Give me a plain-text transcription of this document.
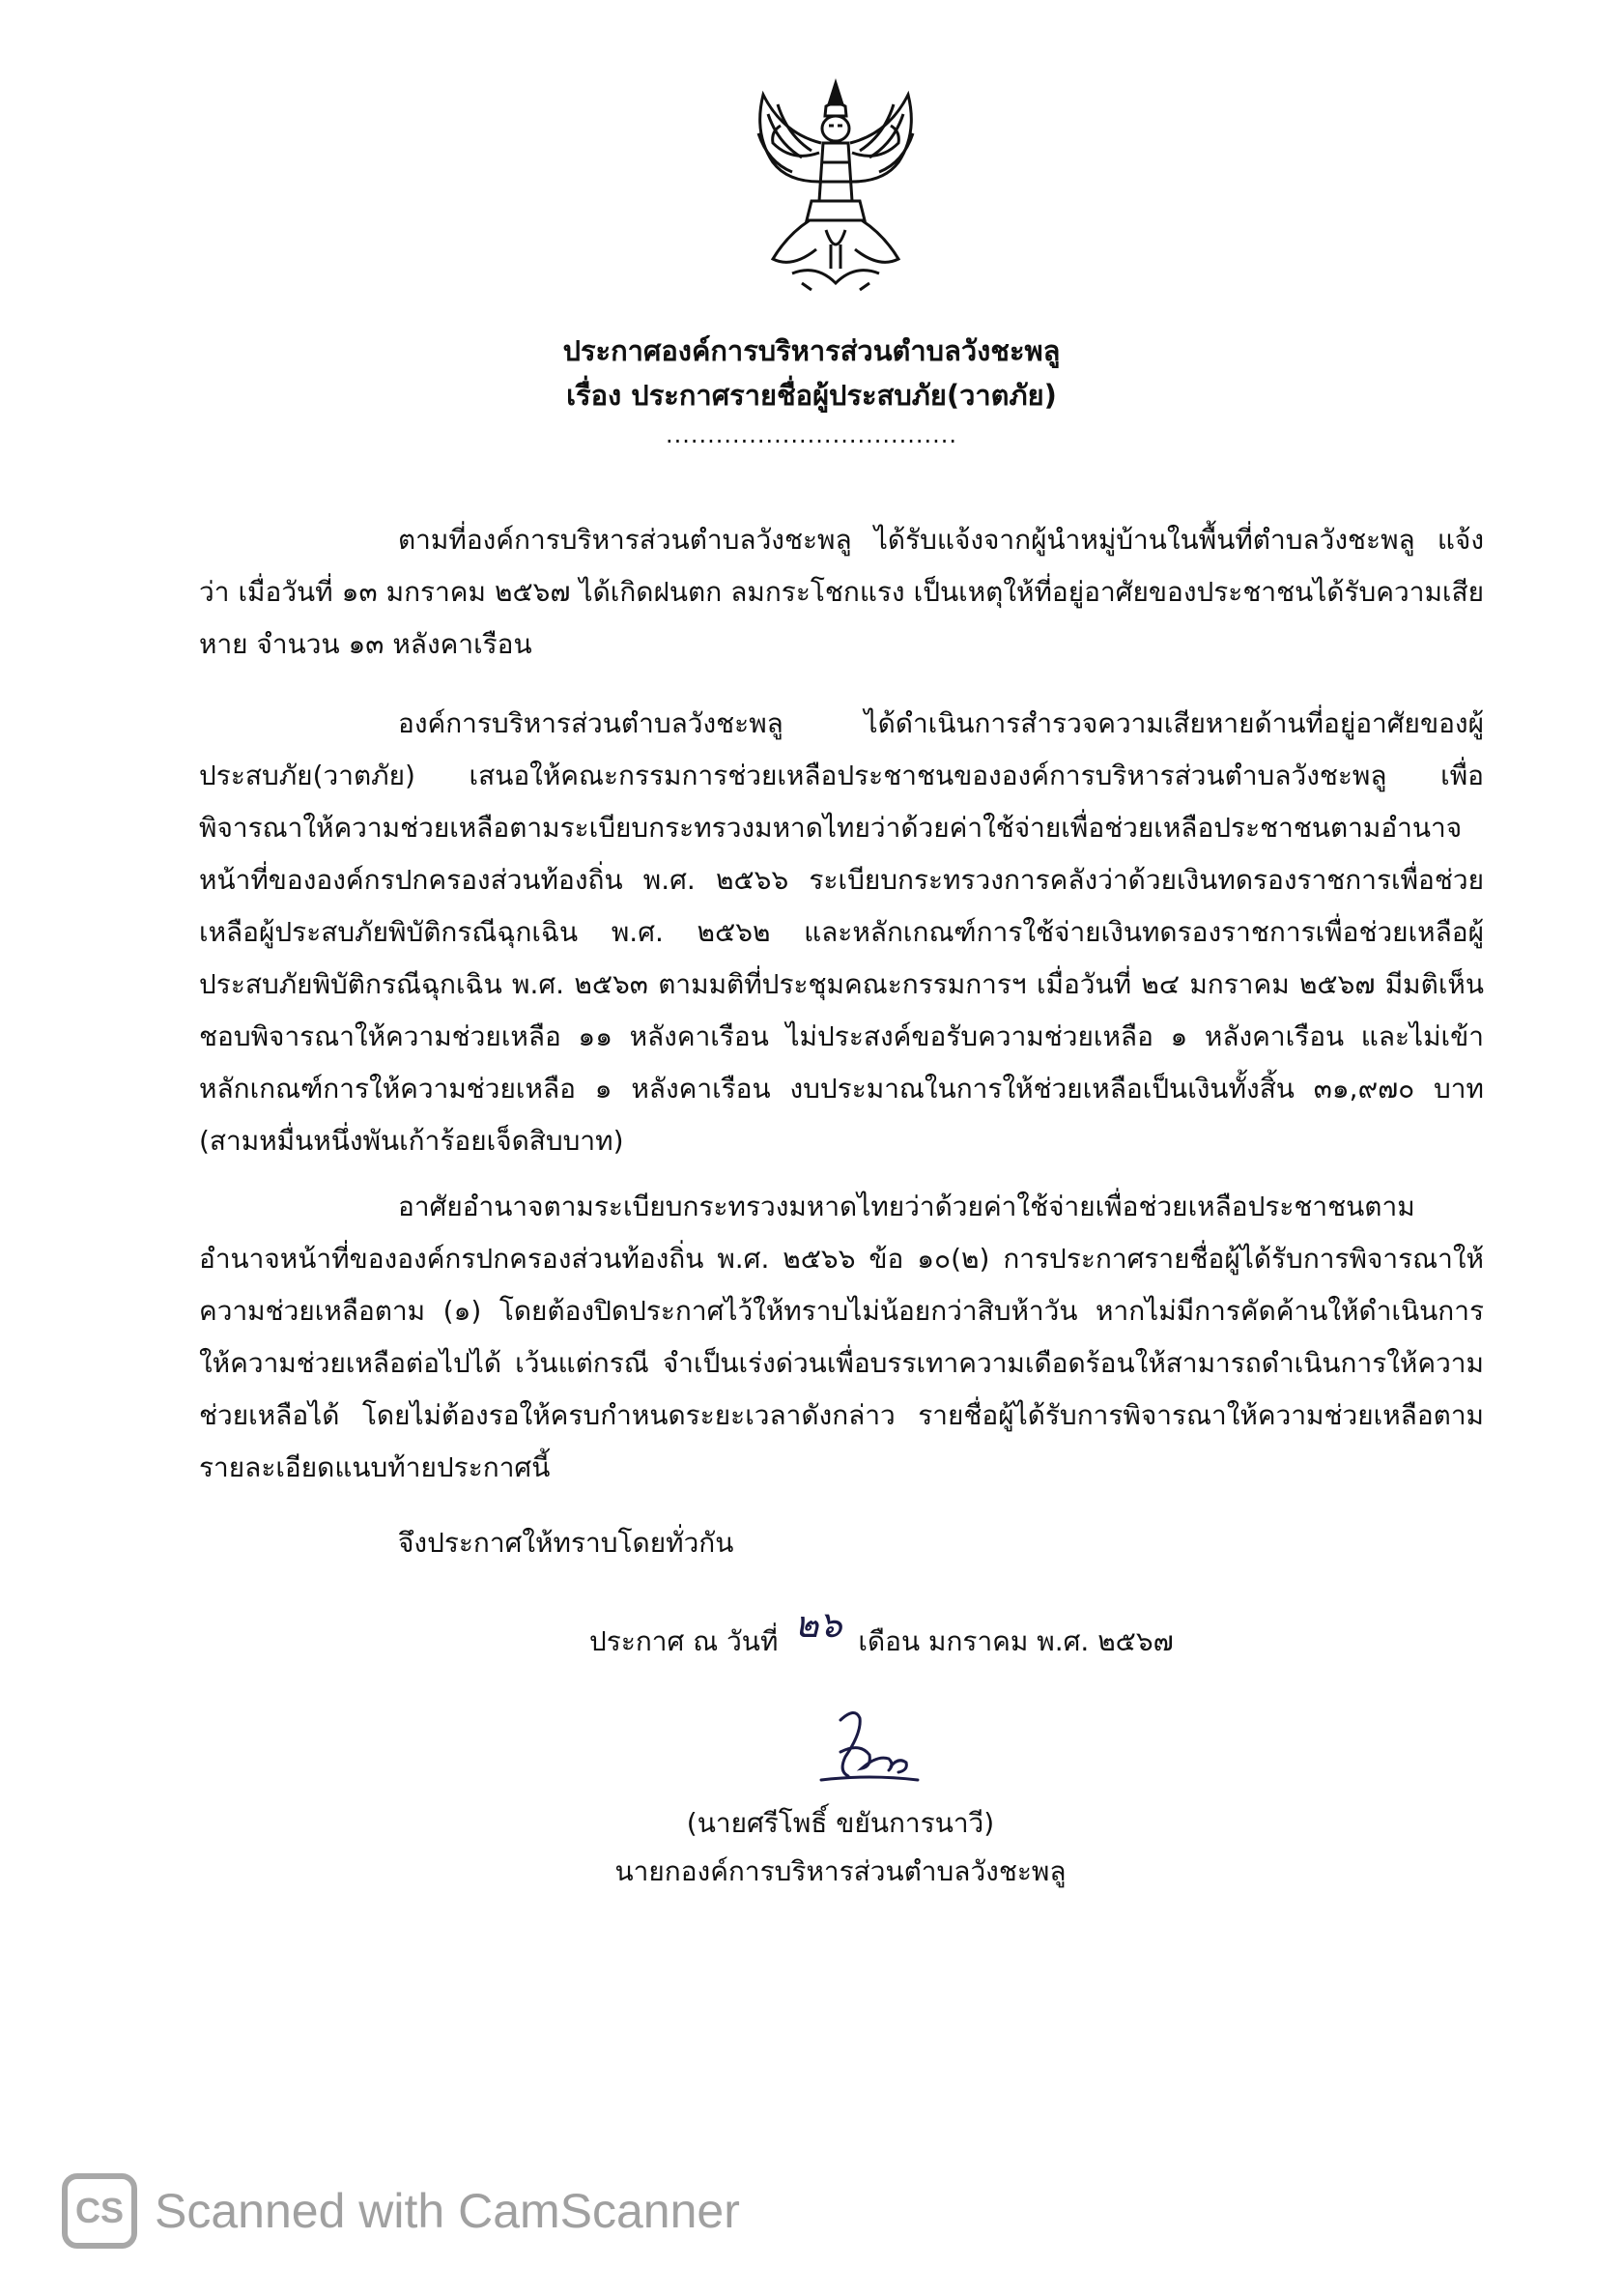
ประกาศองค์การบริหารส่วนตำบลวังชะพลู
เรื่อง ประกาศรายชื่อผู้ประสบภัย(วาตภัย)
...................................

ตามที่องค์การบริหารส่วนตำบลวังชะพลู ได้รับแจ้งจากผู้นำหมู่บ้านในพื้นที่ตำบลวังชะพลู แจ้งว่า เมื่อวันที่ ๑๓ มกราคม ๒๕๖๗ ได้เกิดฝนตก ลมกระโชกแรง เป็นเหตุให้ที่อยู่อาศัยของประชาชนได้รับความเสียหาย จำนวน ๑๓ หลังคาเรือน

องค์การบริหารส่วนตำบลวังชะพลู ได้ดำเนินการสำรวจความเสียหายด้านที่อยู่อาศัยของผู้ประสบภัย(วาตภัย) เสนอให้คณะกรรมการช่วยเหลือประชาชนขององค์การบริหารส่วนตำบลวังชะพลู เพื่อพิจารณาให้ความช่วยเหลือตามระเบียบกระทรวงมหาดไทยว่าด้วยค่าใช้จ่ายเพื่อช่วยเหลือประชาชนตามอำนาจหน้าที่ขององค์กรปกครองส่วนท้องถิ่น พ.ศ. ๒๕๖๖ ระเบียบกระทรวงการคลังว่าด้วยเงินทดรองราชการเพื่อช่วยเหลือผู้ประสบภัยพิบัติกรณีฉุกเฉิน พ.ศ. ๒๕๖๒ และหลักเกณฑ์การใช้จ่ายเงินทดรองราชการเพื่อช่วยเหลือผู้ประสบภัยพิบัติกรณีฉุกเฉิน พ.ศ. ๒๕๖๓ ตามมติที่ประชุมคณะกรรมการฯ เมื่อวันที่ ๒๔ มกราคม ๒๕๖๗ มีมติเห็นชอบพิจารณาให้ความช่วยเหลือ ๑๑ หลังคาเรือน ไม่ประสงค์ขอรับความช่วยเหลือ ๑ หลังคาเรือน และไม่เข้าหลักเกณฑ์การให้ความช่วยเหลือ ๑ หลังคาเรือน งบประมาณในการให้ช่วยเหลือเป็นเงินทั้งสิ้น ๓๑,๙๗๐ บาท (สามหมื่นหนึ่งพันเก้าร้อยเจ็ดสิบบาท)

อาศัยอำนาจตามระเบียบกระทรวงมหาดไทยว่าด้วยค่าใช้จ่ายเพื่อช่วยเหลือประชาชนตามอำนาจหน้าที่ขององค์กรปกครองส่วนท้องถิ่น พ.ศ. ๒๕๖๖ ข้อ ๑๐(๒) การประกาศรายชื่อผู้ได้รับการพิจารณาให้ความช่วยเหลือตาม (๑) โดยต้องปิดประกาศไว้ให้ทราบไม่น้อยกว่าสิบห้าวัน หากไม่มีการคัดค้านให้ดำเนินการให้ความช่วยเหลือต่อไปได้ เว้นแต่กรณี จำเป็นเร่งด่วนเพื่อบรรเทาความเดือดร้อนให้สามารถดำเนินการให้ความช่วยเหลือได้ โดยไม่ต้องรอให้ครบกำหนดระยะเวลาดังกล่าว รายชื่อผู้ได้รับการพิจารณาให้ความช่วยเหลือตามรายละเอียดแนบท้ายประกาศนี้

จึงประกาศให้ทราบโดยทั่วกัน
ประกาศ ณ วันที่ ๒๖ เดือน มกราคม พ.ศ. ๒๕๖๗
(นายศรีโพธิ์ ขยันการนาวี)
นายกองค์การบริหารส่วนตำบลวังชะพลู
CS Scanned with CamScanner
